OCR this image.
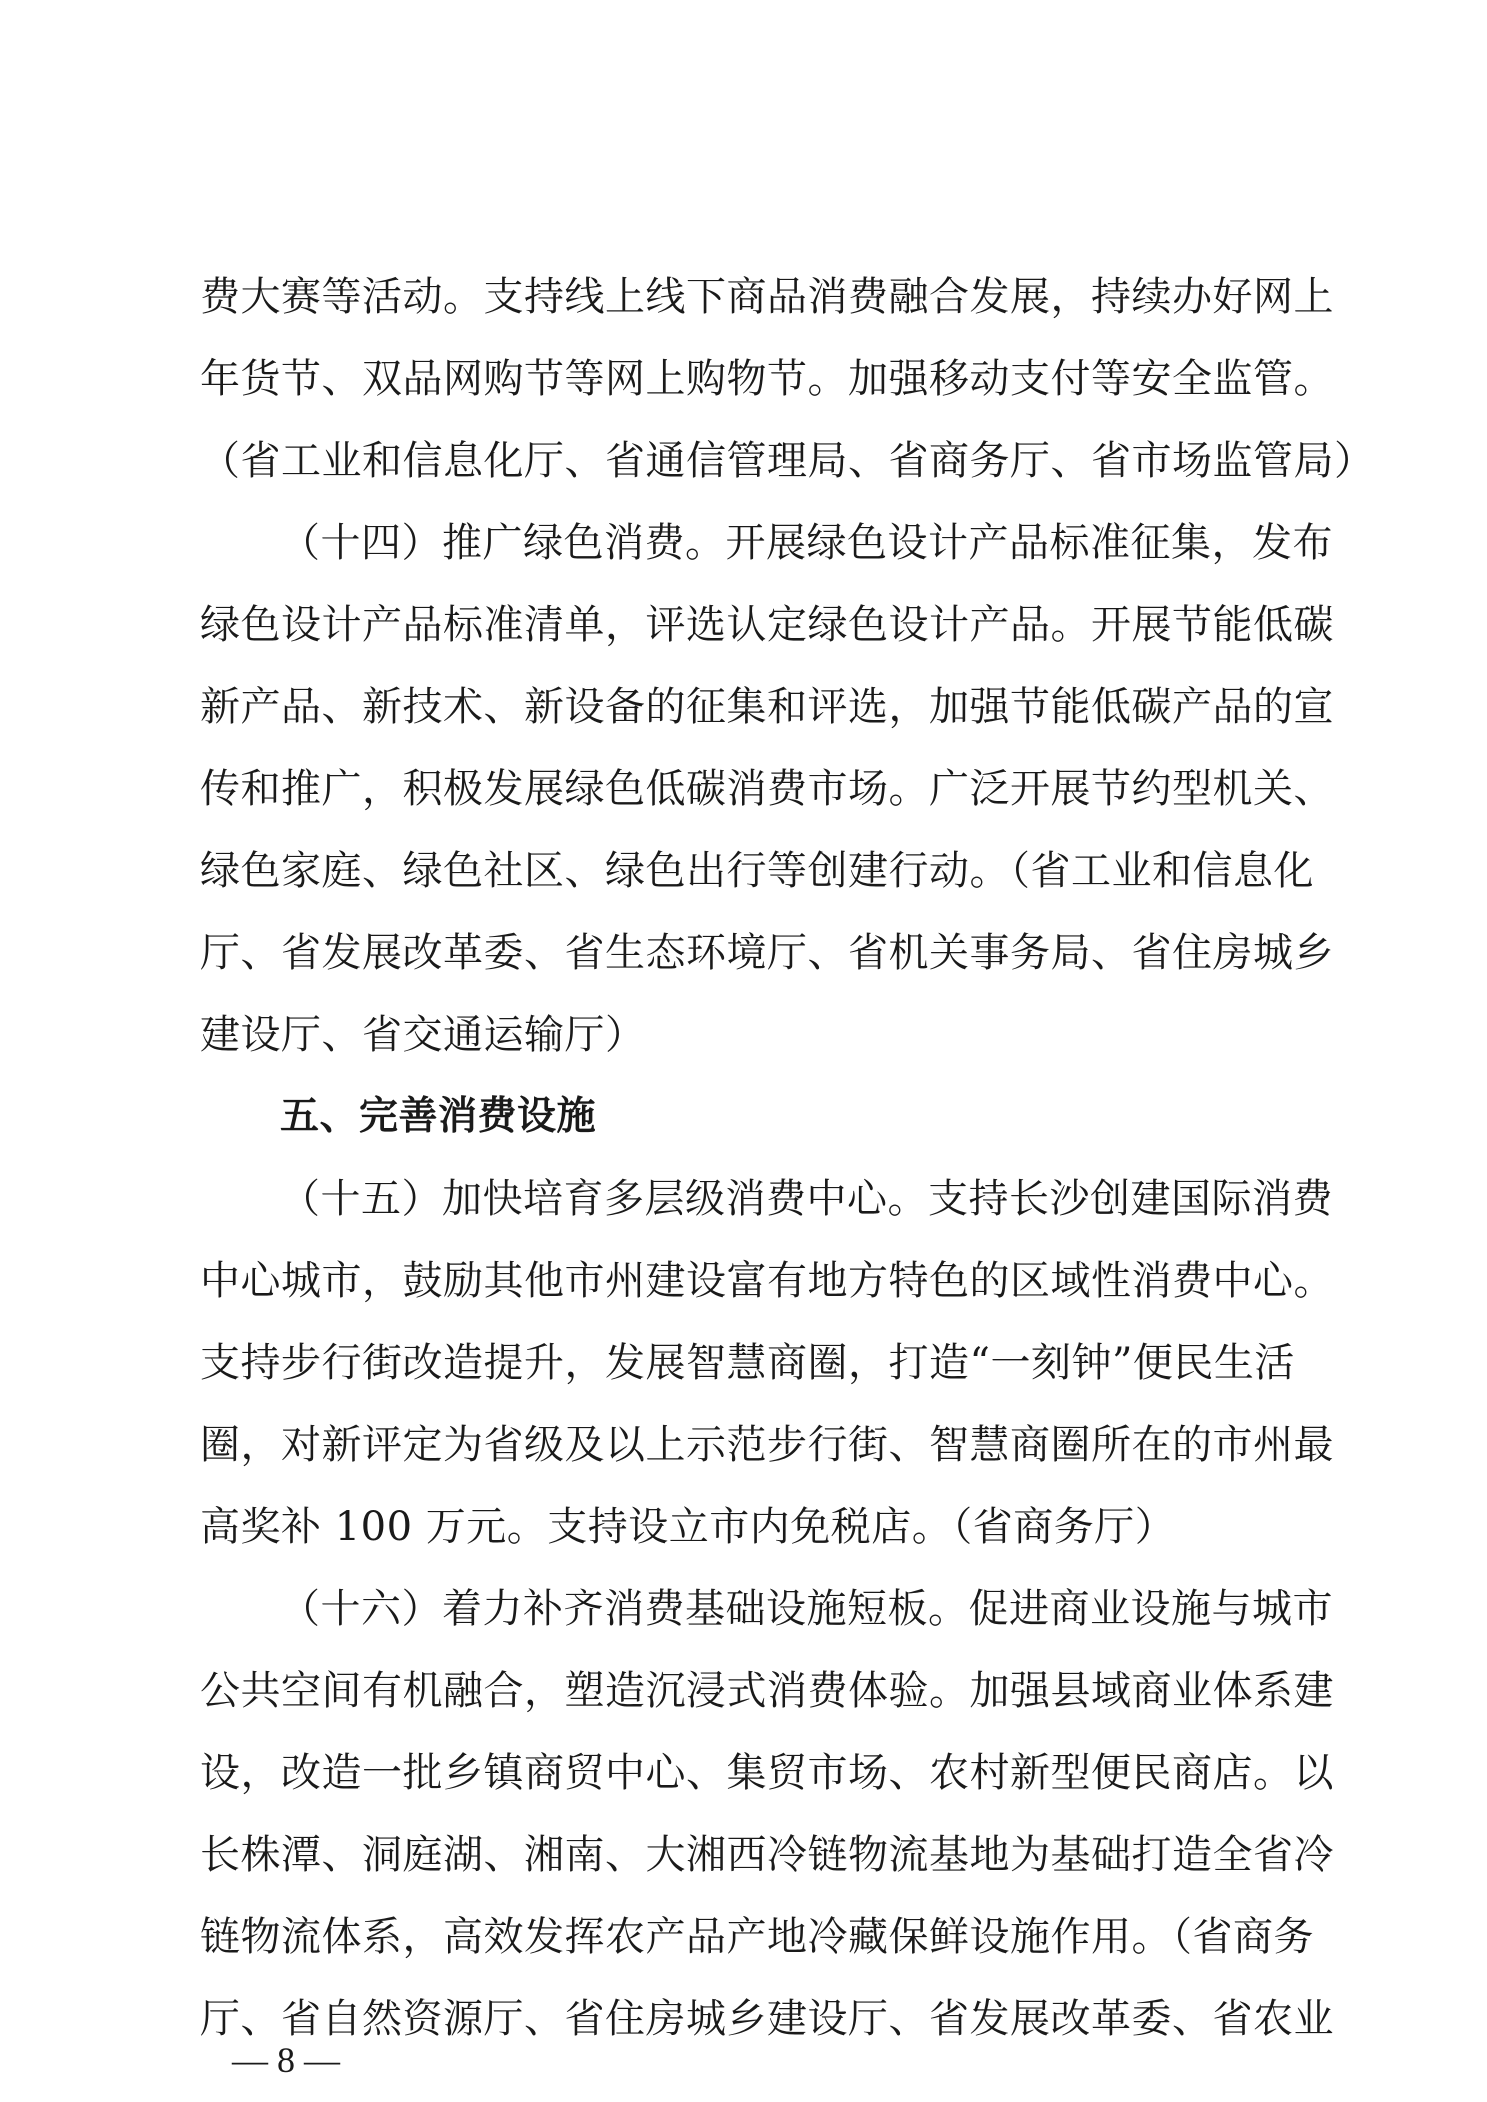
费大赛等活动。支持线上线下商品消费融合发展，持续办好网上
年货节、双品网购节等网上购物节。加强移动支付等安全监管。
（省工业和信息化厅、省通信管理局、省商务厅、省市场监管局）
（十四）推广绿色消费。开展绿色设计产品标准征集，发布
绿色设计产品标准清单，评选认定绿色设计产品。开展节能低碳
新产品、新技术、新设备的征集和评选，加强节能低碳产品的宣
传和推广，积极发展绿色低碳消费市场。广泛开展节约型机关、
绿色家庭、绿色社区、绿色出行等创建行动。（省工业和信息化
厅、省发展改革委、省生态环境厅、省机关事务局、省住房城乡
建设厅、省交通运输厅）
五、完善消费设施
（十五）加快培育多层级消费中心。支持长沙创建国际消费
中心城市，鼓励其他市州建设富有地方特色的区域性消费中心。
支持步行街改造提升，发展智慧商圈，打造“一刻钟”便民生活
圈，对新评定为省级及以上示范步行街、智慧商圈所在的市州最
高奖补 100 万元。支持设立市内免税店。（省商务厅）
（十六）着力补齐消费基础设施短板。促进商业设施与城市
公共空间有机融合，塑造沉浸式消费体验。加强县域商业体系建
设，改造一批乡镇商贸中心、集贸市场、农村新型便民商店。以
长株潭、洞庭湖、湘南、大湘西冷链物流基地为基础打造全省冷
链物流体系，高效发挥农产品产地冷藏保鲜设施作用。（省商务
厅、省自然资源厅、省住房城乡建设厅、省发展改革委、省农业
— 8 —
